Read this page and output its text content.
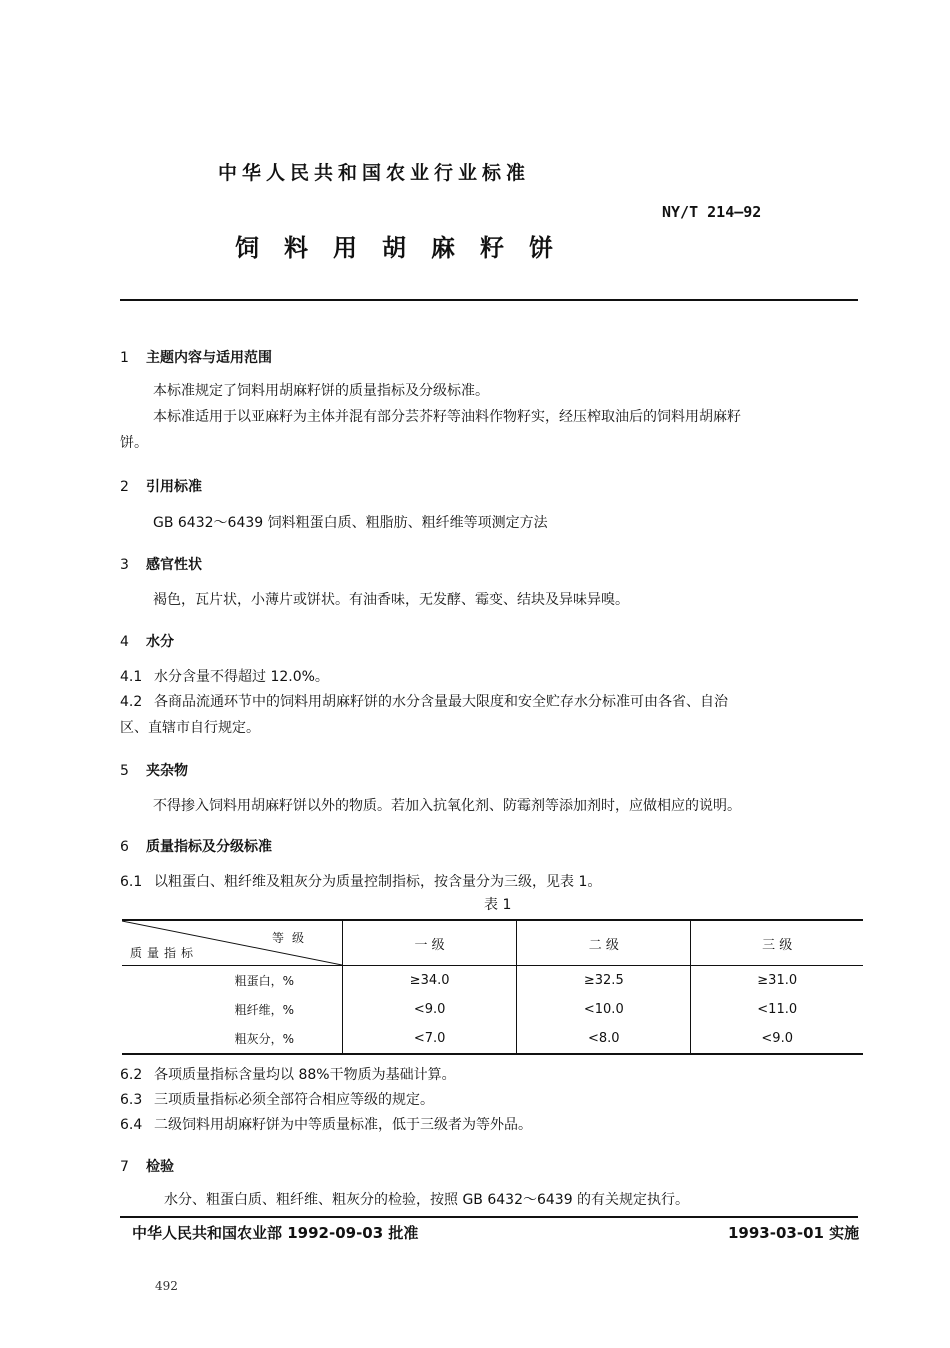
中华人民共和国农业行业标准
NY/T 214—92
饲料用胡麻籽饼
1 主题内容与适用范围
本标准规定了饲料用胡麻籽饼的质量指标及分级标准。
本标准适用于以亚麻籽为主体并混有部分芸芥籽等油料作物籽实，经压榨取油后的饲料用胡麻籽
饼。
2 引用标准
GB 6432～6439 饲料粗蛋白质、粗脂肪、粗纤维等项测定方法
3 感官性状
褐色，瓦片状，小薄片或饼状。有油香味，无发酵、霉变、结块及异味异嗅。
4 水分
4.1 水分含量不得超过 12.0%。
4.2 各商品流通环节中的饲料用胡麻籽饼的水分含量最大限度和安全贮存水分标准可由各省、自治
区、直辖市自行规定。
5 夹杂物
不得掺入饲料用胡麻籽饼以外的物质。若加入抗氧化剂、防霉剂等添加剂时，应做相应的说明。
6 质量指标及分级标准
6.1 以粗蛋白、粗纤维及粗灰分为质量控制指标，按含量分为三级，见表 1。
表 1
等级
质量指标	一 级	二 级	三 级
粗蛋白，%	≥34.0	≥32.5	≥31.0
粗纤维，%	<9.0	<10.0	<11.0
粗灰分，%	<7.0	<8.0	<9.0
6.2 各项质量指标含量均以 88%干物质为基础计算。
6.3 三项质量指标必须全部符合相应等级的规定。
6.4 二级饲料用胡麻籽饼为中等质量标准，低于三级者为等外品。
7 检验
水分、粗蛋白质、粗纤维、粗灰分的检验，按照 GB 6432～6439 的有关规定执行。
中华人民共和国农业部 1992-09-03 批准	1993-03-01 实施
492
